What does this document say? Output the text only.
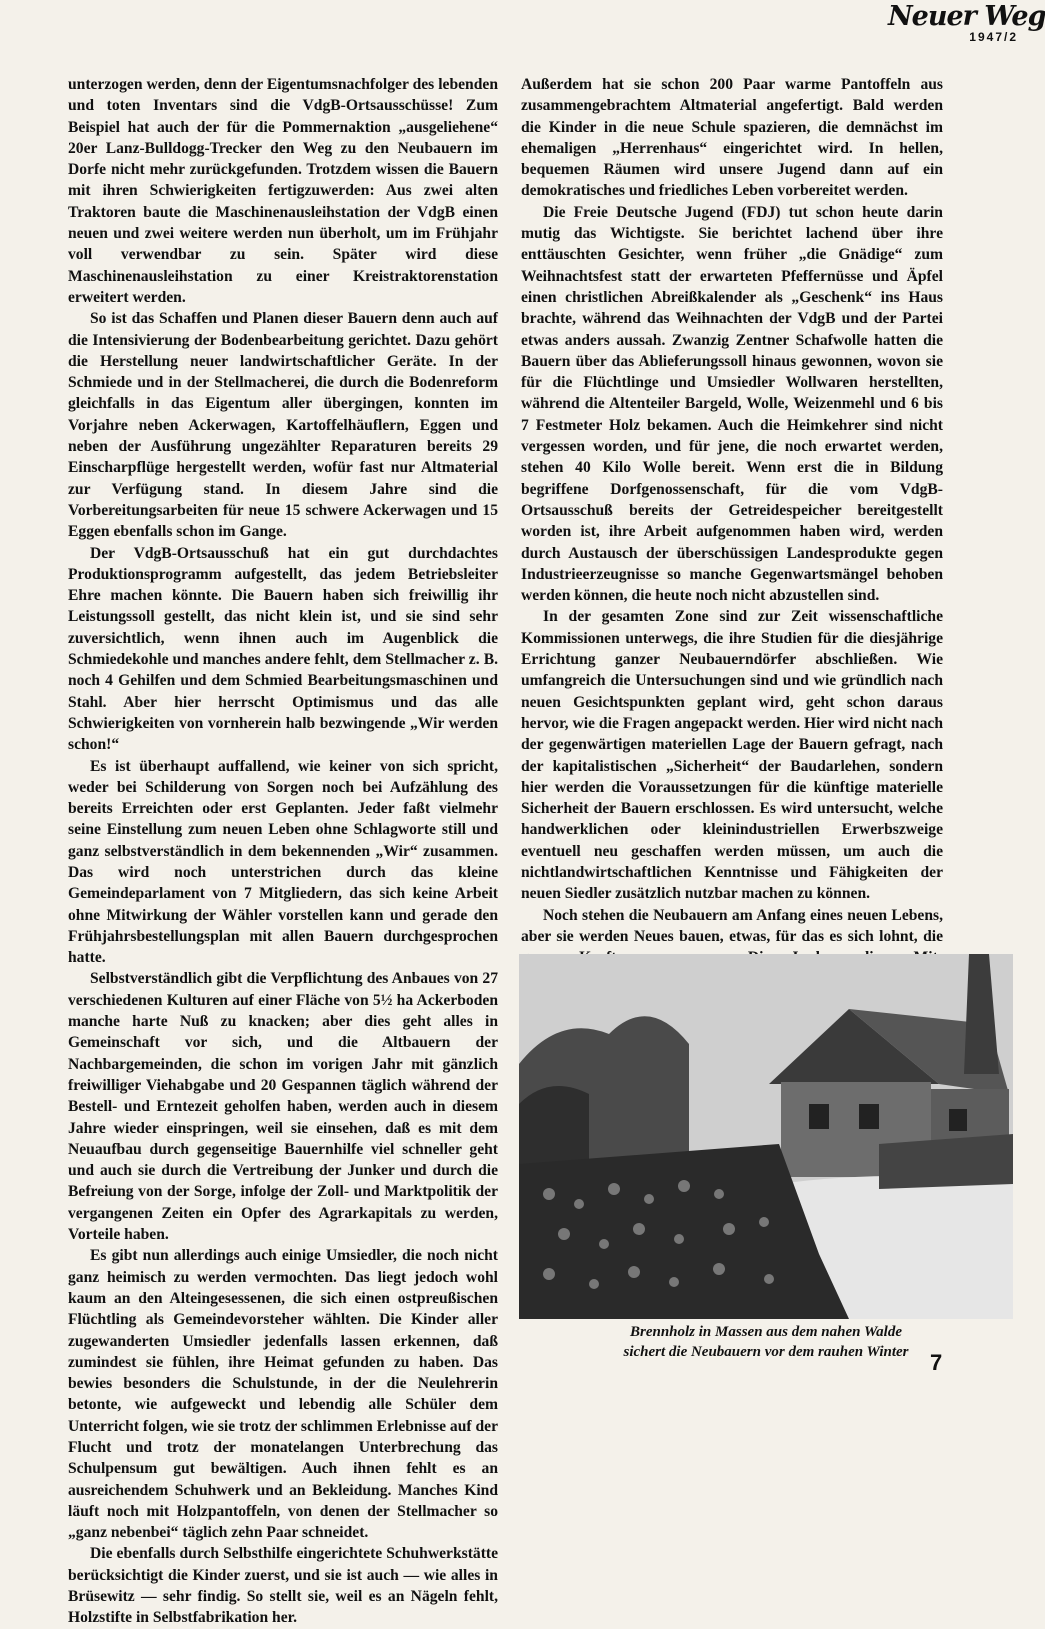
Neuer Weg
1947/2

unterzogen werden, denn der Eigentumsnachfolger des lebenden und toten Inventars sind die VdgB-Ortsausschüsse! Zum Beispiel hat auch der für die Pommernaktion „ausgeliehene“ 20er Lanz-Bulldogg-Trecker den Weg zu den Neubauern im Dorfe nicht mehr zurückgefunden. Trotzdem wissen die Bauern mit ihren Schwierigkeiten fertigzuwerden: Aus zwei alten Traktoren baute die Maschinenausleihstation der VdgB einen neuen und zwei weitere werden nun überholt, um im Frühjahr voll verwendbar zu sein. Später wird diese Maschinenausleihstation zu einer Kreistraktorenstation erweitert werden.

So ist das Schaffen und Planen dieser Bauern denn auch auf die Intensivierung der Bodenbearbeitung gerichtet. Dazu gehört die Herstellung neuer landwirtschaftlicher Geräte. In der Schmiede und in der Stellmacherei, die durch die Bodenreform gleichfalls in das Eigentum aller übergingen, konnten im Vorjahre neben Ackerwagen, Kartoffelhäuflern, Eggen und neben der Ausführung ungezählter Reparaturen bereits 29 Einscharpflüge hergestellt werden, wofür fast nur Altmaterial zur Verfügung stand. In diesem Jahre sind die Vorbereitungsarbeiten für neue 15 schwere Ackerwagen und 15 Eggen ebenfalls schon im Gange.

Der VdgB-Ortsausschuß hat ein gut durchdachtes Produktionsprogramm aufgestellt, das jedem Betriebsleiter Ehre machen könnte. Die Bauern haben sich freiwillig ihr Leistungssoll gestellt, das nicht klein ist, und sie sind sehr zuversichtlich, wenn ihnen auch im Augenblick die Schmiedekohle und manches andere fehlt, dem Stellmacher z. B. noch 4 Gehilfen und dem Schmied Bearbeitungsmaschinen und Stahl. Aber hier herrscht Optimismus und das alle Schwierigkeiten von vornherein halb bezwingende „Wir werden schon!“

Es ist überhaupt auffallend, wie keiner von sich spricht, weder bei Schilderung von Sorgen noch bei Aufzählung des bereits Erreichten oder erst Geplanten. Jeder faßt vielmehr seine Einstellung zum neuen Leben ohne Schlagworte still und ganz selbstverständlich in dem bekennenden „Wir“ zusammen. Das wird noch unterstrichen durch das kleine Gemeindeparlament von 7 Mitgliedern, das sich keine Arbeit ohne Mitwirkung der Wähler vorstellen kann und gerade den Frühjahrsbestellungsplan mit allen Bauern durchgesprochen hatte.

Selbstverständlich gibt die Verpflichtung des Anbaues von 27 verschiedenen Kulturen auf einer Fläche von 5½ ha Ackerboden manche harte Nuß zu knacken; aber dies geht alles in Gemeinschaft vor sich, und die Altbauern der Nachbargemeinden, die schon im vorigen Jahr mit gänzlich freiwilliger Viehabgabe und 20 Gespannen täglich während der Bestell- und Erntezeit geholfen haben, werden auch in diesem Jahre wieder einspringen, weil sie einsehen, daß es mit dem Neuaufbau durch gegenseitige Bauernhilfe viel schneller geht und auch sie durch die Vertreibung der Junker und durch die Befreiung von der Sorge, infolge der Zoll- und Marktpolitik der vergangenen Zeiten ein Opfer des Agrarkapitals zu werden, Vorteile haben.

Es gibt nun allerdings auch einige Umsiedler, die noch nicht ganz heimisch zu werden vermochten. Das liegt jedoch wohl kaum an den Alteingesessenen, die sich einen ostpreußischen Flüchtling als Gemeindevorsteher wählten. Die Kinder aller zugewanderten Umsiedler jedenfalls lassen erkennen, daß zumindest sie fühlen, ihre Heimat gefunden zu haben. Das bewies besonders die Schulstunde, in der die Neulehrerin betonte, wie aufgeweckt und lebendig alle Schüler dem Unterricht folgen, wie sie trotz der schlimmen Erlebnisse auf der Flucht und trotz der monatelangen Unterbrechung das Schulpensum gut bewältigen. Auch ihnen fehlt es an ausreichendem Schuhwerk und an Bekleidung. Manches Kind läuft noch mit Holzpantoffeln, von denen der Stellmacher so „ganz nebenbei“ täglich zehn Paar schneidet.

Die ebenfalls durch Selbsthilfe eingerichtete Schuhwerkstätte berücksichtigt die Kinder zuerst, und sie ist auch — wie alles in Brüsewitz — sehr findig. So stellt sie, weil es an Nägeln fehlt, Holzstifte in Selbstfabrikation her.

Außerdem hat sie schon 200 Paar warme Pantoffeln aus zusammengebrachtem Altmaterial angefertigt. Bald werden die Kinder in die neue Schule spazieren, die demnächst im ehemaligen „Herrenhaus“ eingerichtet wird. In hellen, bequemen Räumen wird unsere Jugend dann auf ein demokratisches und friedliches Leben vorbereitet werden.

Die Freie Deutsche Jugend (FDJ) tut schon heute darin mutig das Wichtigste. Sie berichtet lachend über ihre enttäuschten Gesichter, wenn früher „die Gnädige“ zum Weihnachtsfest statt der erwarteten Pfeffernüsse und Äpfel einen christlichen Abreißkalender als „Geschenk“ ins Haus brachte, während das Weihnachten der VdgB und der Partei etwas anders aussah. Zwanzig Zentner Schafwolle hatten die Bauern über das Ablieferungssoll hinaus gewonnen, wovon sie für die Flüchtlinge und Umsiedler Wollwaren herstellten, während die Altenteiler Bargeld, Wolle, Weizenmehl und 6 bis 7 Festmeter Holz bekamen. Auch die Heimkehrer sind nicht vergessen worden, und für jene, die noch erwartet werden, stehen 40 Kilo Wolle bereit. Wenn erst die in Bildung begriffene Dorfgenossenschaft, für die vom VdgB-Ortsausschuß bereits der Getreidespeicher bereitgestellt worden ist, ihre Arbeit aufgenommen haben wird, werden durch Austausch der überschüssigen Landesprodukte gegen Industrieerzeugnisse so manche Gegenwartsmängel behoben werden können, die heute noch nicht abzustellen sind.

In der gesamten Zone sind zur Zeit wissenschaftliche Kommissionen unterwegs, die ihre Studien für die diesjährige Errichtung ganzer Neubauerndörfer abschließen. Wie umfangreich die Untersuchungen sind und wie gründlich nach neuen Gesichtspunkten geplant wird, geht schon daraus hervor, wie die Fragen angepackt werden. Hier wird nicht nach der gegenwärtigen materiellen Lage der Bauern gefragt, nach der kapitalistischen „Sicherheit“ der Baudarlehen, sondern hier werden die Voraussetzungen für die künftige materielle Sicherheit der Bauern erschlossen. Es wird untersucht, welche handwerklichen oder kleinindustriellen Erwerbszweige eventuell neu geschaffen werden müssen, um auch die nichtlandwirtschaftlichen Kenntnisse und Fähigkeiten der neuen Siedler zusätzlich nutzbar machen zu können.

Noch stehen die Neubauern am Anfang eines neuen Lebens, aber sie werden Neues bauen, etwas, für das es sich lohnt, die

Brennholz in Massen aus dem nahen Walde
sichert die Neubauern vor dem rauhen Winter 7
